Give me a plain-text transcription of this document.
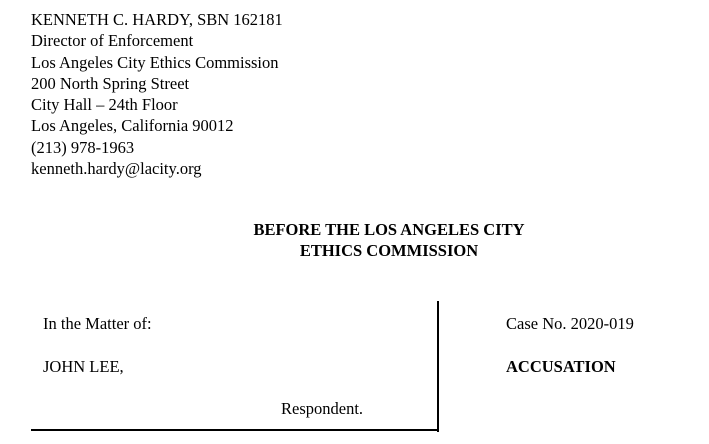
KENNETH C. HARDY, SBN 162181
Director of Enforcement
Los Angeles City Ethics Commission
200 North Spring Street
City Hall – 24th Floor
Los Angeles, California 90012
(213) 978-1963
kenneth.hardy@lacity.org
BEFORE THE LOS ANGELES CITY
ETHICS COMMISSION
In the Matter of:
JOHN LEE,
Respondent.
Case No. 2020-019
ACCUSATION
